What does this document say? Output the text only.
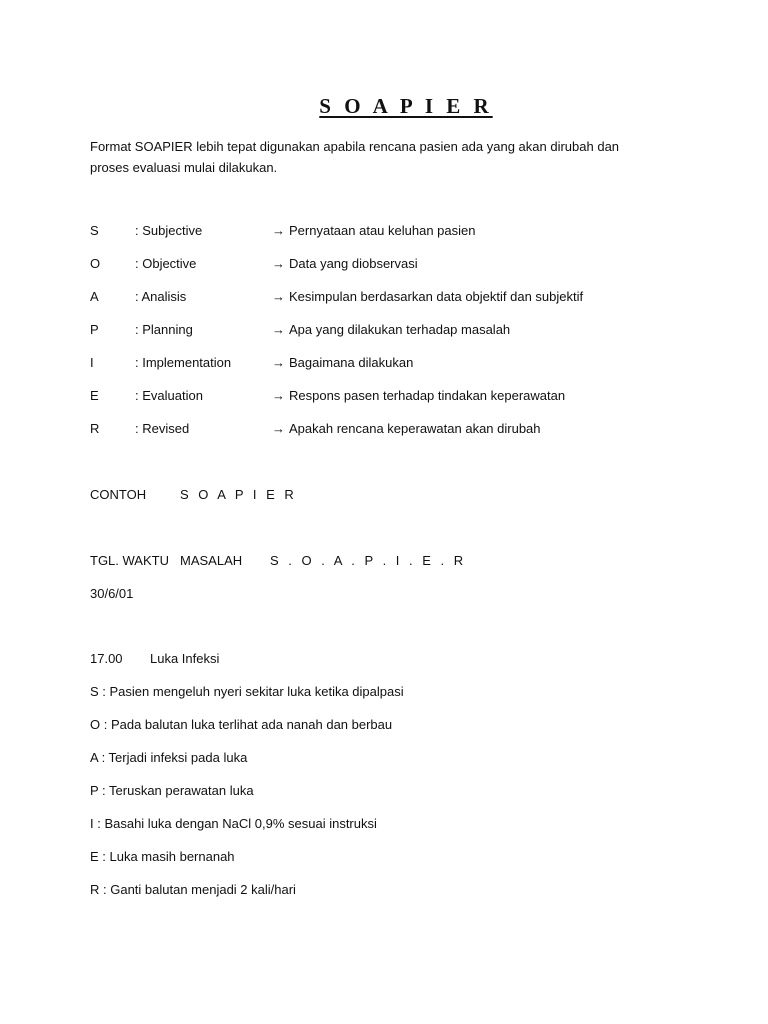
S O A P I E R
Format SOAPIER lebih tepat digunakan apabila rencana pasien ada yang akan dirubah dan proses evaluasi mulai dilakukan.
S	: Subjective	→ Pernyataan atau keluhan pasien
O	: Objective	→ Data yang diobservasi
A	: Analisis	→ Kesimpulan berdasarkan data objektif dan subjektif
P	: Planning	→ Apa yang dilakukan terhadap masalah
I	: Implementation	→ Bagaimana dilakukan
E	: Evaluation	→ Respons pasen terhadap tindakan keperawatan
R	: Revised	→ Apakah rencana keperawatan akan dirubah
CONTOH	S O A P I E R
TGL. WAKTU MASALAH S . O . A . P . I . E . R
30/6/01
17.00 Luka Infeksi
S : Pasien mengeluh nyeri sekitar luka ketika dipalpasi
O : Pada balutan luka terlihat ada nanah dan berbau
A : Terjadi infeksi pada luka
P : Teruskan perawatan luka
I : Basahi luka dengan NaCl 0,9% sesuai instruksi
E : Luka masih bernanah
R : Ganti balutan menjadi 2 kali/hari
